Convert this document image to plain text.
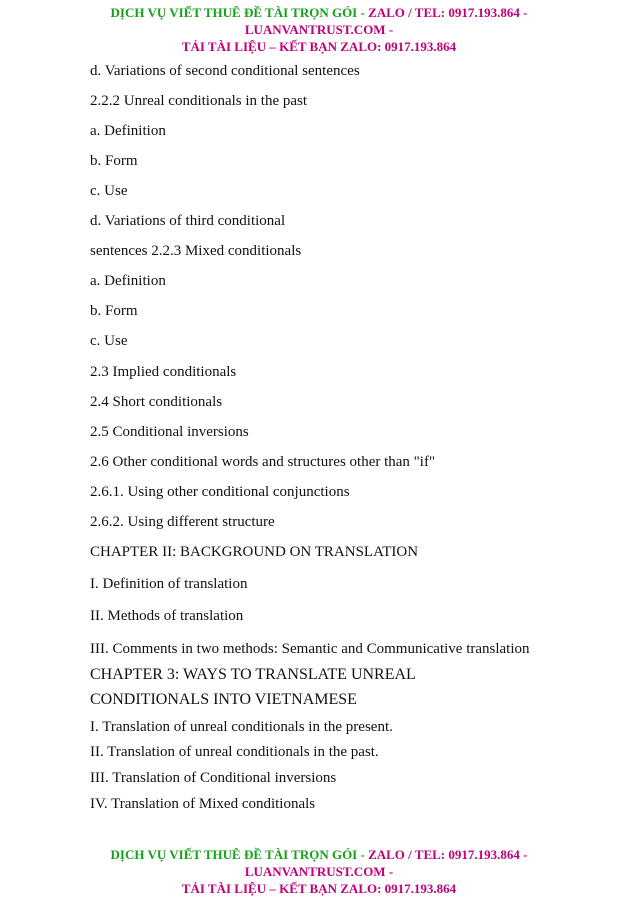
DỊCH VỤ VIẾT THUÊ ĐỀ TÀI TRỌN GÓI - ZALO / TEL: 0917.193.864 -
LUANVANTRUST.COM -
TẢI TÀI LIỆU – KẾT BẠN ZALO: 0917.193.864
d. Variations of second conditional sentences
2.2.2 Unreal conditionals in the past
a. Definition
b. Form
c. Use
d. Variations of third conditional
sentences 2.2.3 Mixed conditionals
a. Definition
b. Form
c. Use
2.3 Implied conditionals
2.4 Short conditionals
2.5 Conditional inversions
2.6 Other conditional words and structures other than "if"
2.6.1. Using other conditional conjunctions
2.6.2. Using different structure
CHAPTER II: BACKGROUND ON TRANSLATION
I. Definition of translation
II. Methods of translation
III. Comments in two methods: Semantic and Communicative translation
CHAPTER 3: WAYS TO TRANSLATE UNREAL
CONDITIONALS INTO VIETNAMESE
I. Translation of unreal conditionals in the present.
II. Translation of unreal conditionals in the past.
III. Translation of Conditional inversions
IV. Translation of Mixed conditionals
DỊCH VỤ VIẾT THUÊ ĐỀ TÀI TRỌN GÓI - ZALO / TEL: 0917.193.864 -
LUANVANTRUST.COM -
TẢI TÀI LIỆU – KẾT BẠN ZALO: 0917.193.864
